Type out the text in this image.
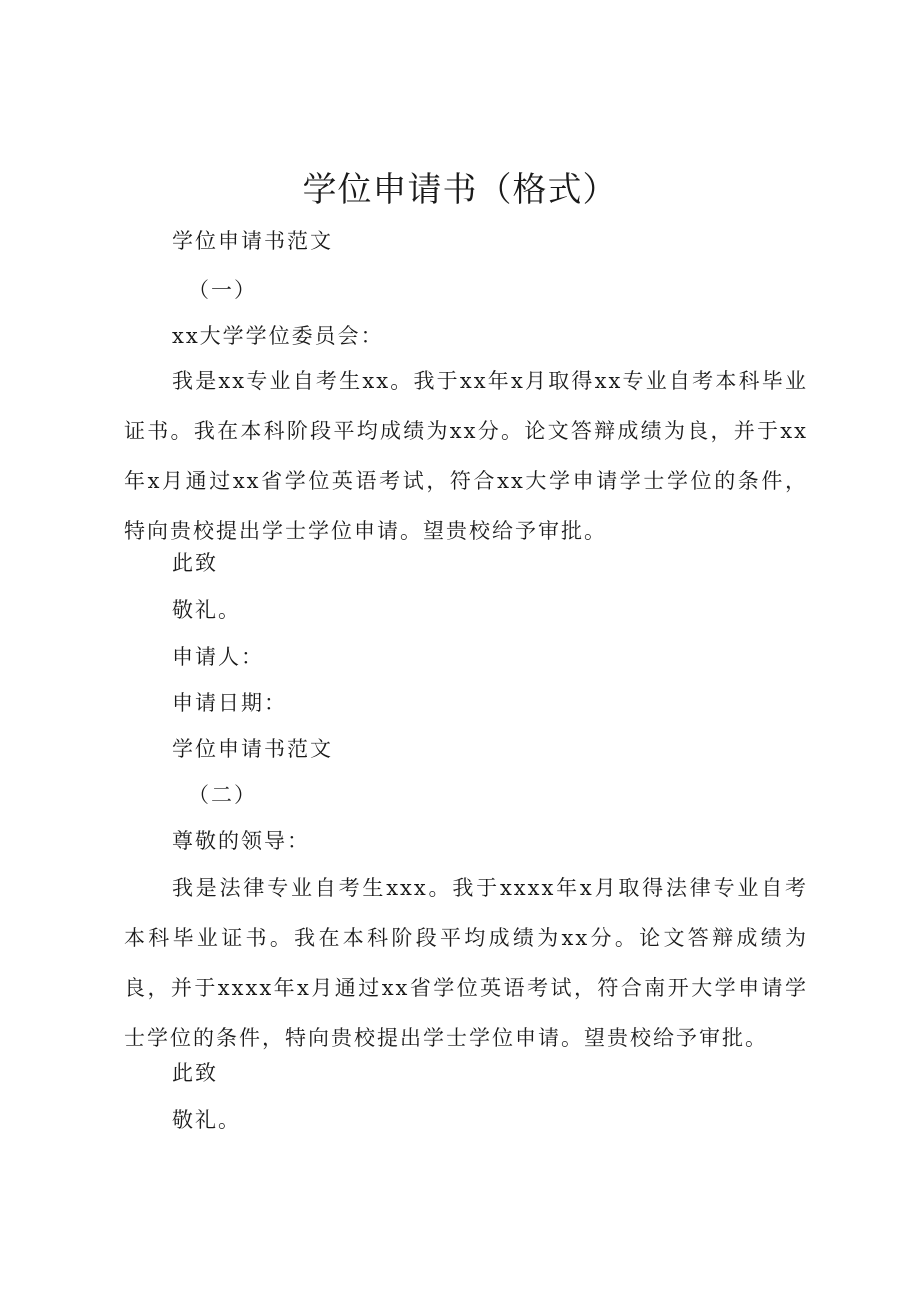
学位申请书（格式）

学位申请书范文

（一）

xx大学学位委员会：

我是xx专业自考生xx。我于xx年x月取得xx专业自考本科毕业证书。我在本科阶段平均成绩为xx分。论文答辩成绩为良，并于xx年x月通过xx省学位英语考试，符合xx大学申请学士学位的条件，特向贵校提出学士学位申请。望贵校给予审批。

此致

敬礼。

申请人：

申请日期：

学位申请书范文

（二）

尊敬的领导：

我是法律专业自考生xxx。我于xxxx年x月取得法律专业自考本科毕业证书。我在本科阶段平均成绩为xx分。论文答辩成绩为良，并于xxxx年x月通过xx省学位英语考试，符合南开大学申请学士学位的条件，特向贵校提出学士学位申请。望贵校给予审批。

此致

敬礼。
